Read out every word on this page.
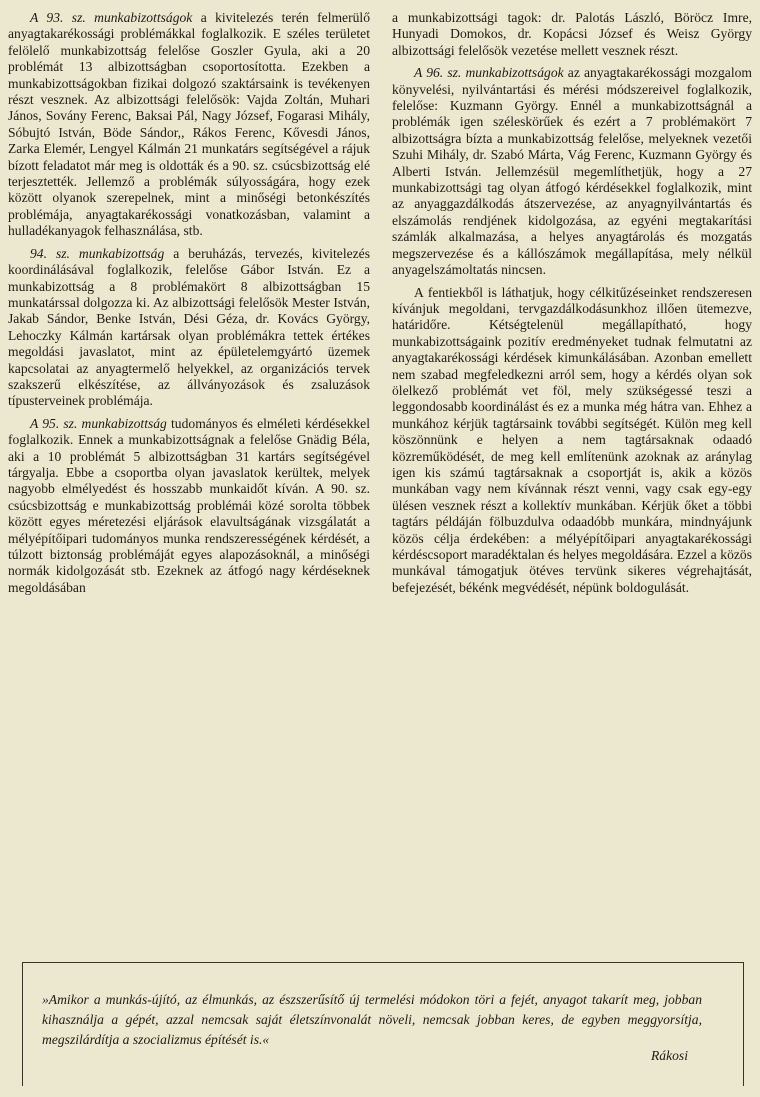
A 93. sz. munkabizottságok a kivitelezés terén felmerülő anyagtakarékossági problémákkal foglalkozik. E széles területet felölelő munkabizottság felelőse Goszler Gyula, aki a 20 problémát 13 albizottságban csoportosította. Ezekben a munkabizottságokban fizikai dolgozó szaktársaink is tevékenyen részt vesznek. Az albizottsági felelősök: Vajda Zoltán, Muhari János, Sovány Ferenc, Baksai Pál, Nagy József, Fogarasi Mihály, Sóbujtó István, Böde Sándor,, Rákos Ferenc, Kővesdi János, Zarka Elemér, Lengyel Kálmán 21 munkatárs segítségével a rájuk bízott feladatot már meg is oldották és a 90. sz. csúcsbizottság elé terjesztették. Jellemző a problémák súlyosságára, hogy ezek között olyanok szerepelnek, mint a minőségi betonkészítés problémája, anyagtakarékossági vonatkozásban, valamint a hulladékanyagok felhasználása, stb.

94. sz. munkabizottság a beruházás, tervezés, kivitelezés koordinálásával foglalkozik, felelőse Gábor István. Ez a munkabizottság a 8 problémakört 8 albizottságban 15 munkatárssal dolgozza ki. Az albizottsági felelősök Mester István, Jakab Sándor, Benke István, Dési Géza, dr. Kovács György, Lehoczky Kálmán kartársak olyan problémákra tettek értékes megoldási javaslatot, mint az épületelemgyártó üzemek kapcsolatai az anyagtermelő helyekkel, az organizációs tervek szakszerű elkészítése, az állványozások és zsaluzások típusterveinek problémája.

A 95. sz. munkabizottság tudományos és elméleti kérdésekkel foglalkozik. Ennek a munkabizottságnak a felelőse Gnädig Béla, aki a 10 problémát 5 albizottságban 31 kartárs segítségével tárgyalja. Ebbe a csoportba olyan javaslatok kerültek, melyek nagyobb elmélyedést és hosszabb munkaidőt kíván. A 90. sz. csúcsbizottság e munkabizottság problémái közé sorolta többek között egyes méretezési eljárások elavultságának vizsgálatát a mélyépítőipari tudományos munka rendszerességének kérdését, a túlzott biztonság problémáját egyes alapozásoknál, a minőségi normák kidolgozását stb. Ezeknek az átfogó nagy kérdéseknek megoldásában

a munkabizottsági tagok: dr. Palotás László, Böröcz Imre, Hunyadi Domokos, dr. Kopácsi József és Weisz György albizottsági felelősök vezetése mellett vesznek részt.

A 96. sz. munkabizottságok az anyagtakarékossági mozgalom könyvelési, nyilvántartási és mérési módszereivel foglalkozik, felelőse: Kuzmann György. Ennél a munkabizottságnál a problémák igen széleskörűek és ezért a 7 problémakört 7 albizottságra bízta a munkabizottság felelőse, melyeknek vezetői Szuhi Mihály, dr. Szabó Márta, Vág Ferenc, Kuzmann György és Alberti István. Jellemzésül megemlíthetjük, hogy a 27 munkabizottsági tag olyan átfogó kérdésekkel foglalkozik, mint az anyaggazdálkodás átszervezése, az anyagnyilvántartás és elszámolás rendjének kidolgozása, az egyéni megtakarítási számlák alkalmazása, a helyes anyagtárolás és mozgatás megszervezése és a kállószámok megállapítása, mely nélkül anyagelszámoltatás nincsen.

A fentiekből is láthatjuk, hogy célkitűzéseinket rendszeresen kívánjuk megoldani, tervgazdálkodásunkhoz illően ütemezve, határidőre. Kétségtelenül megállapítható, hogy munkabizottságaink pozitív eredményeket tudnak felmutatni az anyagtakarékossági kérdések kimunkálásában. Azonban emellett nem szabad megfeledkezni arról sem, hogy a kérdés olyan sok ölelkező problémát vet föl, mely szükségessé teszi a leggondosabb koordinálást és ez a munka még hátra van. Ehhez a munkához kérjük tagtársaink további segítségét. Külön meg kell köszönnünk e helyen a nem tagtársaknak odaadó közreműködését, de meg kell említenünk azoknak az aránylag igen kis számú tagtársaknak a csoportját is, akik a közös munkában vagy nem kívánnak részt venni, vagy csak egy-egy ülésen vesznek részt a kollektív munkában. Kérjük őket a többi tagtárs példáján fölbuzdulva odaadóbb munkára, mindnyájunk közös célja érdekében: a mélyépítőipari anyagtakarékossági kérdéscsoport maradéktalan és helyes megoldására. Ezzel a közös munkával támogatjuk ötéves tervünk sikeres végrehajtását, befejezését, békénk megvédését, népünk boldogulását.

»Amikor a munkás-újító, az élmunkás, az észszerűsítő új termelési módokon töri a fejét, anyagot takarít meg, jobban kihasználja a gépét, azzal nemcsak saját életszínvonalát növeli, nemcsak jobban keres, de egyben meggyorsítja, megszilárdítja a szocializmus építését is.«
Rákosi
